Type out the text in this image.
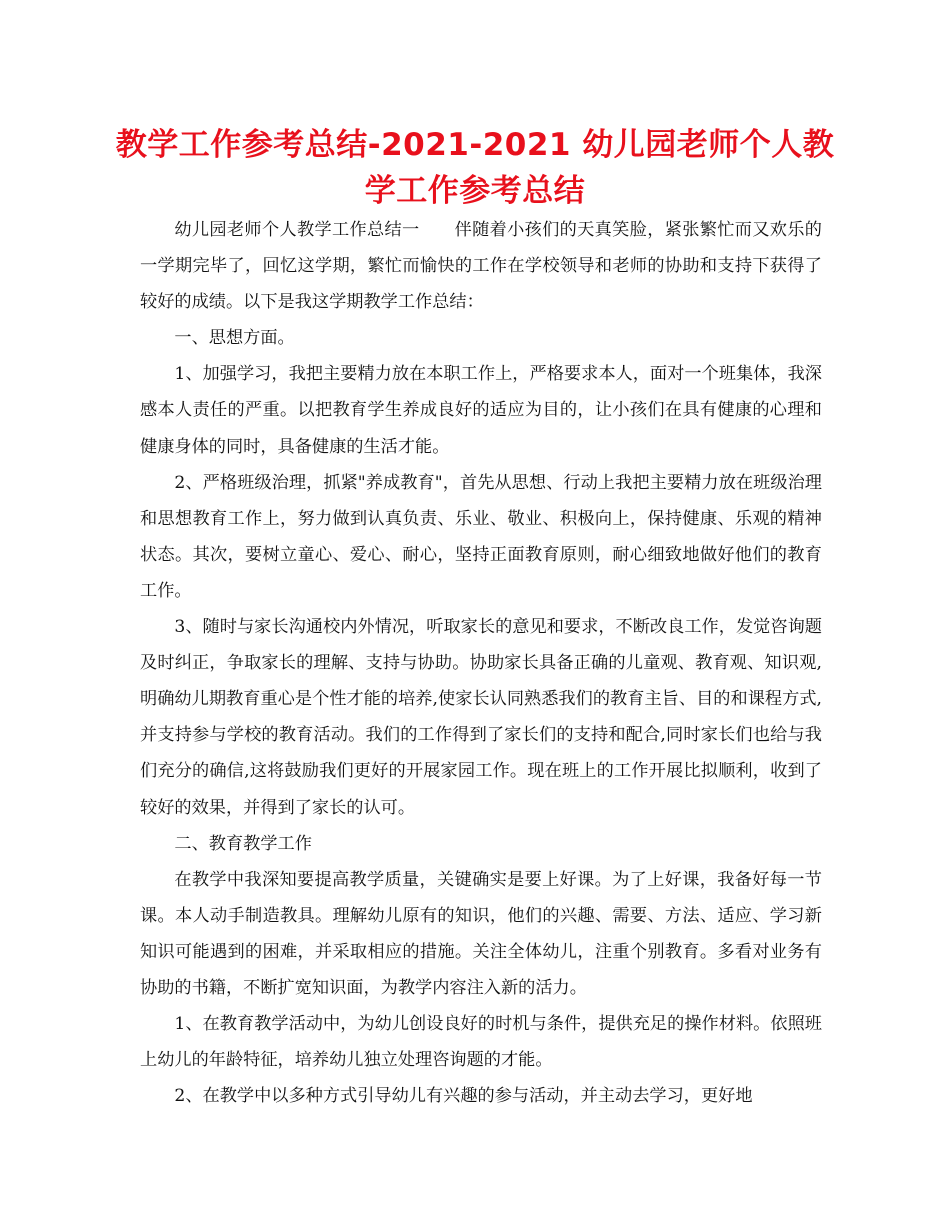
教学工作参考总结-2021-2021 幼儿园老师个人教学工作参考总结

幼儿园老师个人教学工作总结一　　伴随着小孩们的天真笑脸，紧张繁忙而又欢乐的一学期完毕了，回忆这学期，繁忙而愉快的工作在学校领导和老师的协助和支持下获得了较好的成绩。以下是我这学期教学工作总结：

一、思想方面。

1、加强学习，我把主要精力放在本职工作上，严格要求本人，面对一个班集体，我深感本人责任的严重。以把教育学生养成良好的适应为目的，让小孩们在具有健康的心理和健康身体的同时，具备健康的生活才能。

2、严格班级治理，抓紧"养成教育"，首先从思想、行动上我把主要精力放在班级治理和思想教育工作上，努力做到认真负责、乐业、敬业、积极向上，保持健康、乐观的精神状态。其次，要树立童心、爱心、耐心，坚持正面教育原则，耐心细致地做好他们的教育工作。

3、随时与家长沟通校内外情况，听取家长的意见和要求，不断改良工作，发觉咨询题及时纠正，争取家长的理解、支持与协助。协助家长具备正确的儿童观、教育观、知识观,明确幼儿期教育重心是个性才能的培养,使家长认同熟悉我们的教育主旨、目的和课程方式,并支持参与学校的教育活动。我们的工作得到了家长们的支持和配合,同时家长们也给与我们充分的确信,这将鼓励我们更好的开展家园工作。现在班上的工作开展比拟顺利，收到了较好的效果，并得到了家长的认可。

二、教育教学工作

在教学中我深知要提高教学质量，关键确实是要上好课。为了上好课，我备好每一节课。本人动手制造教具。理解幼儿原有的知识，他们的兴趣、需要、方法、适应、学习新知识可能遇到的困难，并采取相应的措施。关注全体幼儿，注重个别教育。多看对业务有协助的书籍，不断扩宽知识面，为教学内容注入新的活力。

1、在教育教学活动中，为幼儿创设良好的时机与条件，提供充足的操作材料。依照班上幼儿的年龄特征，培养幼儿独立处理咨询题的才能。

2、在教学中以多种方式引导幼儿有兴趣的参与活动，并主动去学习，更好地
